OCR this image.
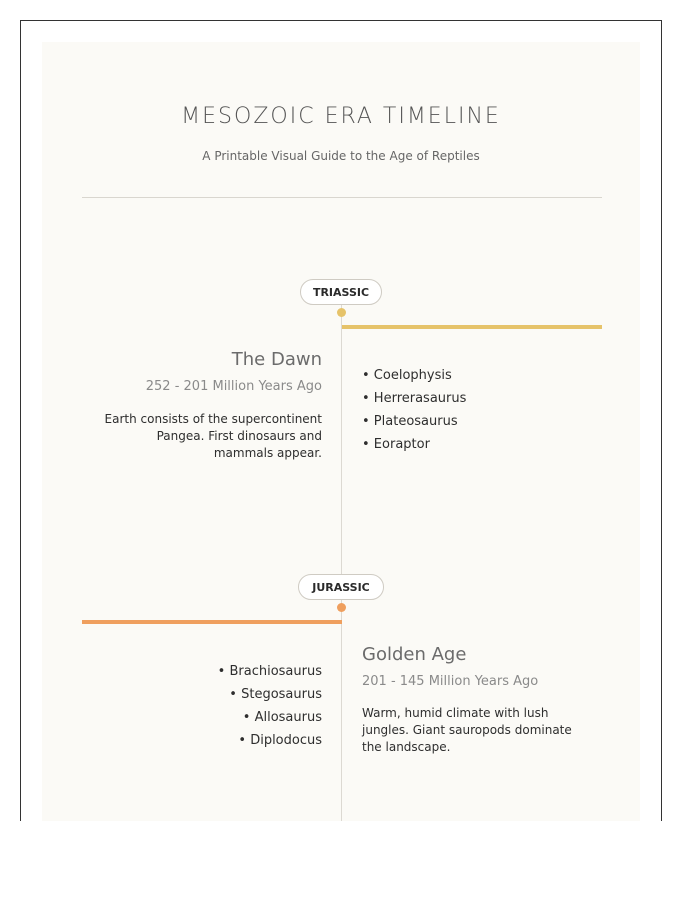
MESOZOIC ERA TIMELINE
A Printable Visual Guide to the Age of Reptiles
TRIASSIC
The Dawn
252 - 201 Million Years Ago
Earth consists of the supercontinent Pangea. First dinosaurs and mammals appear.
• Coelophysis
• Herrerasaurus
• Plateosaurus
• Eoraptor
JURASSIC
Golden Age
201 - 145 Million Years Ago
Warm, humid climate with lush jungles. Giant sauropods dominate the landscape.
• Brachiosaurus
• Stegosaurus
• Allosaurus
• Diplodocus
